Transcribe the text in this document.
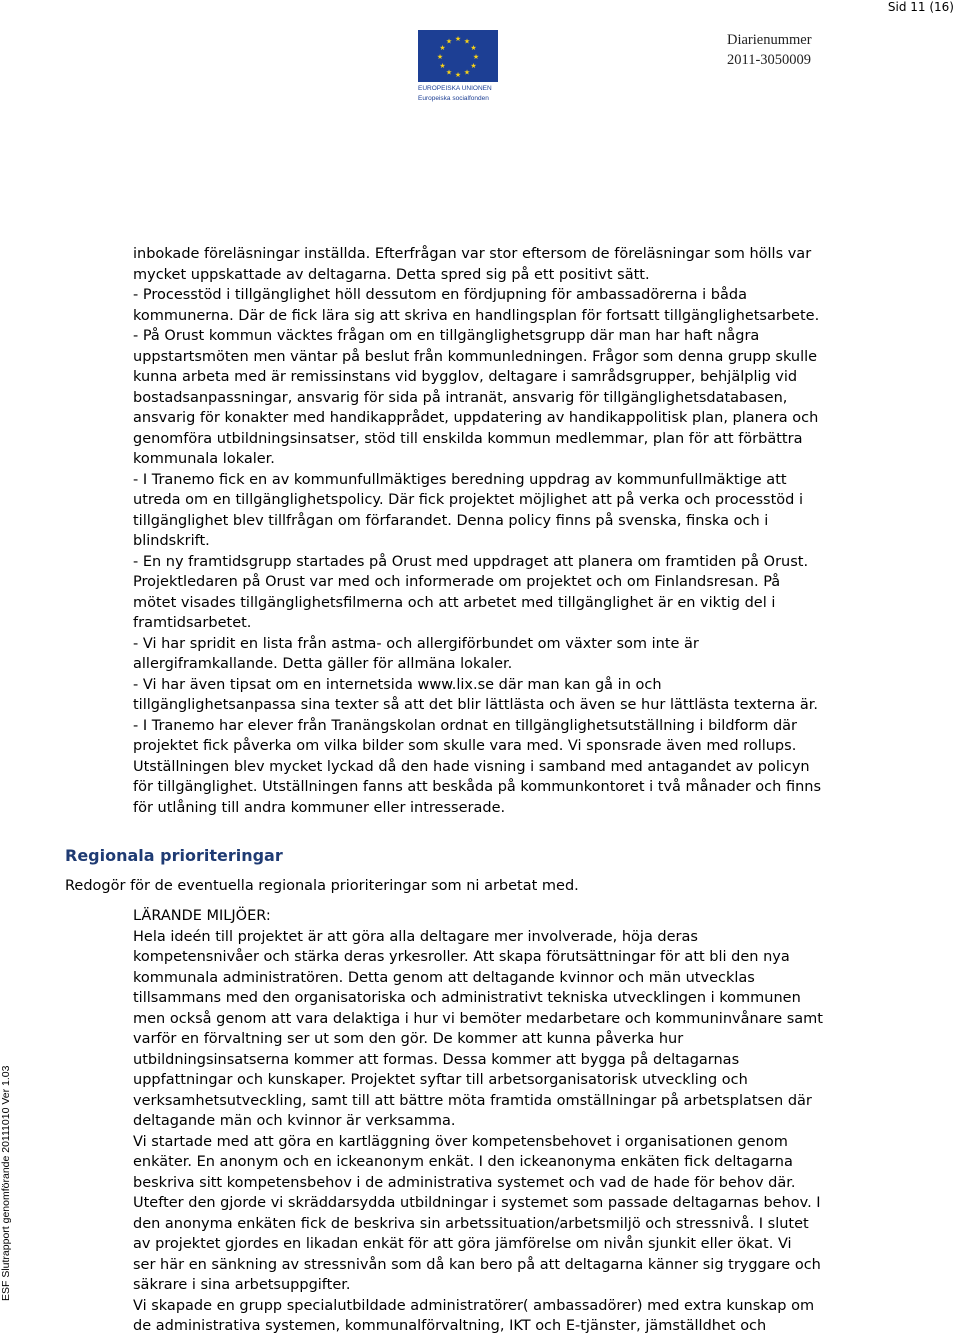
Sid 11 (16)
★ ★
★
★
★
★
★
★
★
★
★
★
EUROPEISKA UNIONEN
Europeiska socialfonden
Diarienummer
2011-3050009

inbokade föreläsningar inställda. Efterfrågan var stor eftersom de föreläsningar som hölls var

mycket uppskattade av deltagarna. Detta spred sig på ett positivt sätt.

- Processtöd i tillgänglighet höll dessutom en fördjupning för ambassadörerna i båda

kommunerna. Där de fick lära sig att skriva en handlingsplan för fortsatt tillgänglighetsarbete.

- På Orust kommun väcktes frågan om en tillgänglighetsgrupp där man har haft några

uppstartsmöten men väntar på beslut från kommunledningen. Frågor som denna grupp skulle

kunna arbeta med är remissinstans vid bygglov, deltagare i samrådsgrupper, behjälplig vid

bostadsanpassningar, ansvarig för sida på intranät, ansvarig för tillgänglighetsdatabasen,

ansvarig för konakter med handikapprådet, uppdatering av handikappolitisk plan, planera och

genomföra utbildningsinsatser, stöd till enskilda kommun medlemmar, plan för att förbättra

kommunala lokaler.

- I Tranemo fick en av kommunfullmäktiges beredning uppdrag av kommunfullmäktige att

utreda om en tillgänglighetspolicy. Där fick projektet möjlighet att på verka och processtöd i

tillgänglighet blev tillfrågan om förfarandet. Denna policy finns på svenska, finska och i

blindskrift.

- En ny framtidsgrupp startades på Orust med uppdraget att planera om framtiden på Orust.

Projektledaren på Orust var med och informerade om projektet och om Finlandsresan. På

mötet visades tillgänglighetsfilmerna och att arbetet med tillgänglighet är en viktig del i

framtidsarbetet.

- Vi har spridit en lista från astma- och allergiförbundet om växter som inte är

allergiframkallande. Detta gäller för allmäna lokaler.

- Vi har även tipsat om en internetsida www.lix.se där man kan gå in och

tillgänglighetsanpassa sina texter så att det blir lättlästa och även se hur lättlästa texterna är.

- I Tranemo har elever från Tranängskolan ordnat en tillgänglighetsutställning i bildform där

projektet fick påverka om vilka bilder som skulle vara med. Vi sponsrade även med rollups.

Utställningen blev mycket lyckad då den hade visning i samband med antagandet av policyn

för tillgänglighet. Utställningen fanns att beskåda på kommunkontoret i två månader och finns

för utlåning till andra kommuner eller intresserade.

Regionala prioriteringar
Redogör för de eventuella regionala prioriteringar som ni arbetat med.

LÄRANDE MILJÖER:

Hela ideén till projektet är att göra alla deltagare mer involverade, höja deras

kompetensnivåer och stärka deras yrkesroller. Att skapa förutsättningar för att bli den nya

kommunala administratören. Detta genom att deltagande kvinnor och män utvecklas

tillsammans med den organisatoriska och administrativt tekniska utvecklingen i kommunen

men också genom att vara delaktiga i hur vi bemöter medarbetare och kommuninvånare samt

varför en förvaltning ser ut som den gör. De kommer att kunna påverka hur

utbildningsinsatserna kommer att formas. Dessa kommer att bygga på deltagarnas

uppfattningar och kunskaper. Projektet syftar till arbetsorganisatorisk utveckling och

verksamhetsutveckling, samt till att bättre möta framtida omställningar på arbetsplatsen där

deltagande män och kvinnor är verksamma.

Vi startade med att göra en kartläggning över kompetensbehovet i organisationen genom

enkäter. En anonym och en ickeanonym enkät. I den ickeanonyma enkäten fick deltagarna

beskriva sitt kompetensbehov i de administrativa systemet och vad de hade för behov där.

Utefter den gjorde vi skräddarsydda utbildningar i systemet som passade deltagarnas behov. I

den anonyma enkäten fick de beskriva sin arbetssituation/arbetsmiljö och stressnivå. I slutet

av projektet gjordes en likadan enkät för att göra jämförelse om nivån sjunkit eller ökat. Vi

ser här en sänkning av stressnivån som då kan bero på att deltagarna känner sig tryggare och

säkrare i sina arbetsuppgifter.

Vi skapade en grupp specialutbildade administratörer( ambassadörer) med extra kunskap om

de administrativa systemen, kommunalförvaltning, IKT och E-tjänster, jämställdhet och

ESF Slutrapport genomförande 20111010 Ver 1.03
